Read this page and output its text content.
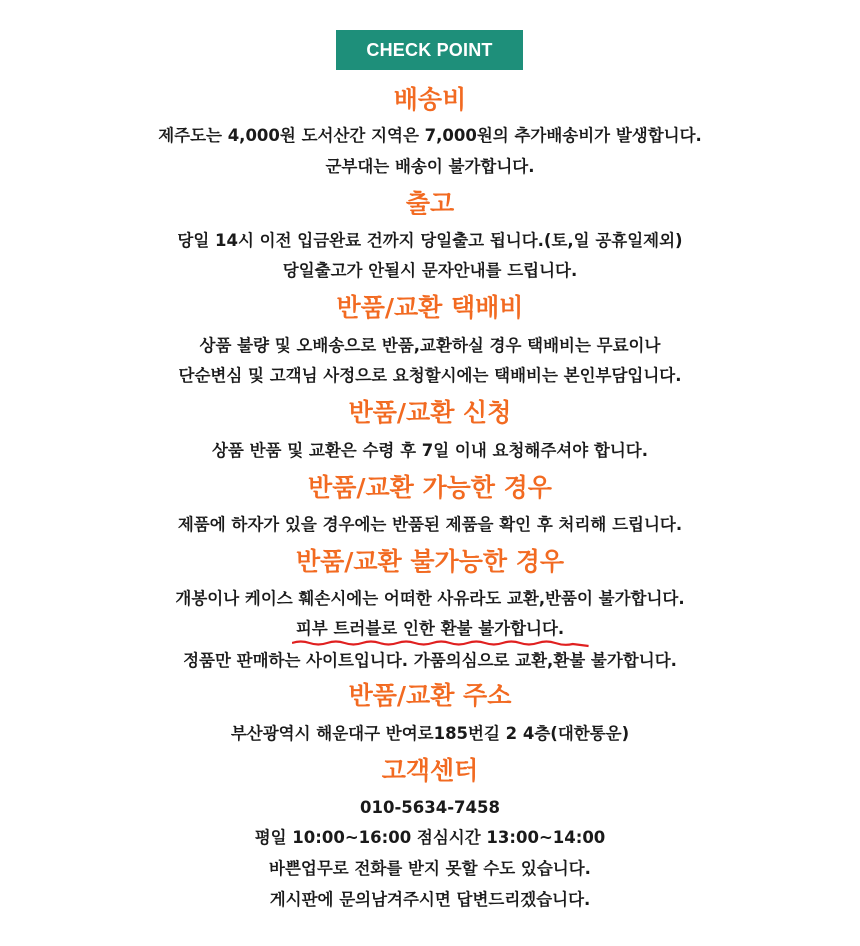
CHECK POINT
배송비
제주도는 4,000원 도서산간 지역은 7,000원의 추가배송비가 발생합니다.
군부대는 배송이 불가합니다.
출고
당일 14시 이전 입금완료 건까지 당일출고 됩니다.(토,일 공휴일제외)
당일출고가 안될시 문자안내를 드립니다.
반품/교환 택배비
상품 불량 및 오배송으로 반품,교환하실 경우 택배비는 무료이나
단순변심 및 고객님 사정으로 요청할시에는 택배비는 본인부담입니다.
반품/교환 신청
상품 반품 및 교환은 수령 후 7일 이내 요청해주셔야 합니다.
반품/교환 가능한 경우
제품에 하자가 있을 경우에는 반품된 제품을 확인 후 처리해 드립니다.
반품/교환 불가능한 경우
개봉이나 케이스 훼손시에는 어떠한 사유라도 교환,반품이 불가합니다.
피부 트러블로 인한 환불 불가합니다.
정품만 판매하는 사이트입니다. 가품의심으로 교환,환불 불가합니다.
반품/교환 주소
부산광역시 해운대구 반여로185번길 2 4층(대한통운)
고객센터
010-5634-7458
평일 10:00~16:00 점심시간 13:00~14:00
바쁜업무로 전화를 받지 못할 수도 있습니다.
게시판에 문의남겨주시면 답변드리겠습니다.
